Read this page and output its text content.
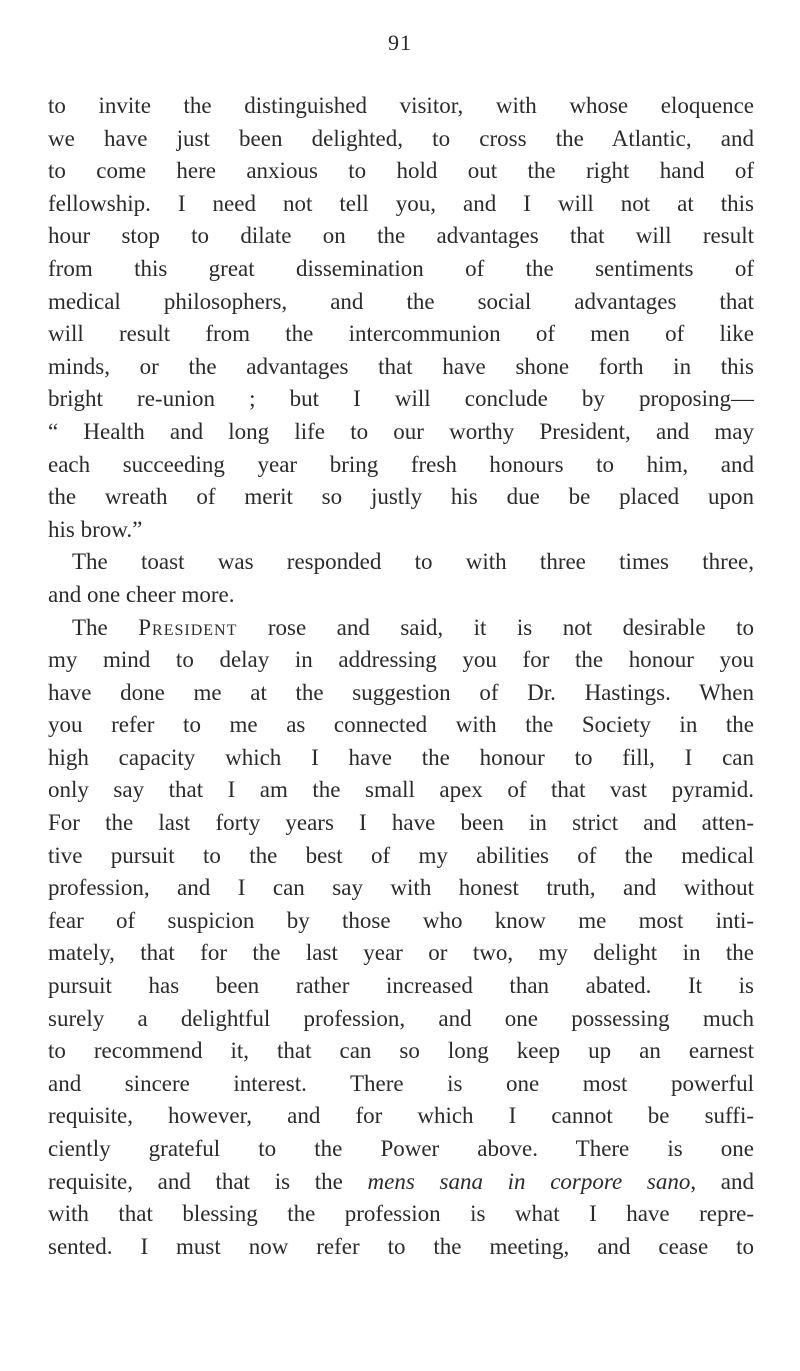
91
to invite the distinguished visitor, with whose eloquence
we have just been delighted, to cross the Atlantic, and
to come here anxious to hold out the right hand of
fellowship. I need not tell you, and I will not at this
hour stop to dilate on the advantages that will result
from this great dissemination of the sentiments of
medical philosophers, and the social advantages that
will result from the intercommunion of men of like
minds, or the advantages that have shone forth in this
bright re-union ; but I will conclude by proposing—
“ Health and long life to our worthy President, and may
each succeeding year bring fresh honours to him, and
the wreath of merit so justly his due be placed upon
his brow.”
The toast was responded to with three times three,
and one cheer more.
The President rose and said, it is not desirable to
my mind to delay in addressing you for the honour you
have done me at the suggestion of Dr. Hastings. When
you refer to me as connected with the Society in the
high capacity which I have the honour to fill, I can
only say that I am the small apex of that vast pyramid.
For the last forty years I have been in strict and atten-
tive pursuit to the best of my abilities of the medical
profession, and I can say with honest truth, and without
fear of suspicion by those who know me most inti-
mately, that for the last year or two, my delight in the
pursuit has been rather increased than abated. It is
surely a delightful profession, and one possessing much
to recommend it, that can so long keep up an earnest
and sincere interest. There is one most powerful
requisite, however, and for which I cannot be suffi-
ciently grateful to the Power above. There is one
requisite, and that is the mens sana in corpore sano, and
with that blessing the profession is what I have repre-
sented. I must now refer to the meeting, and cease to
